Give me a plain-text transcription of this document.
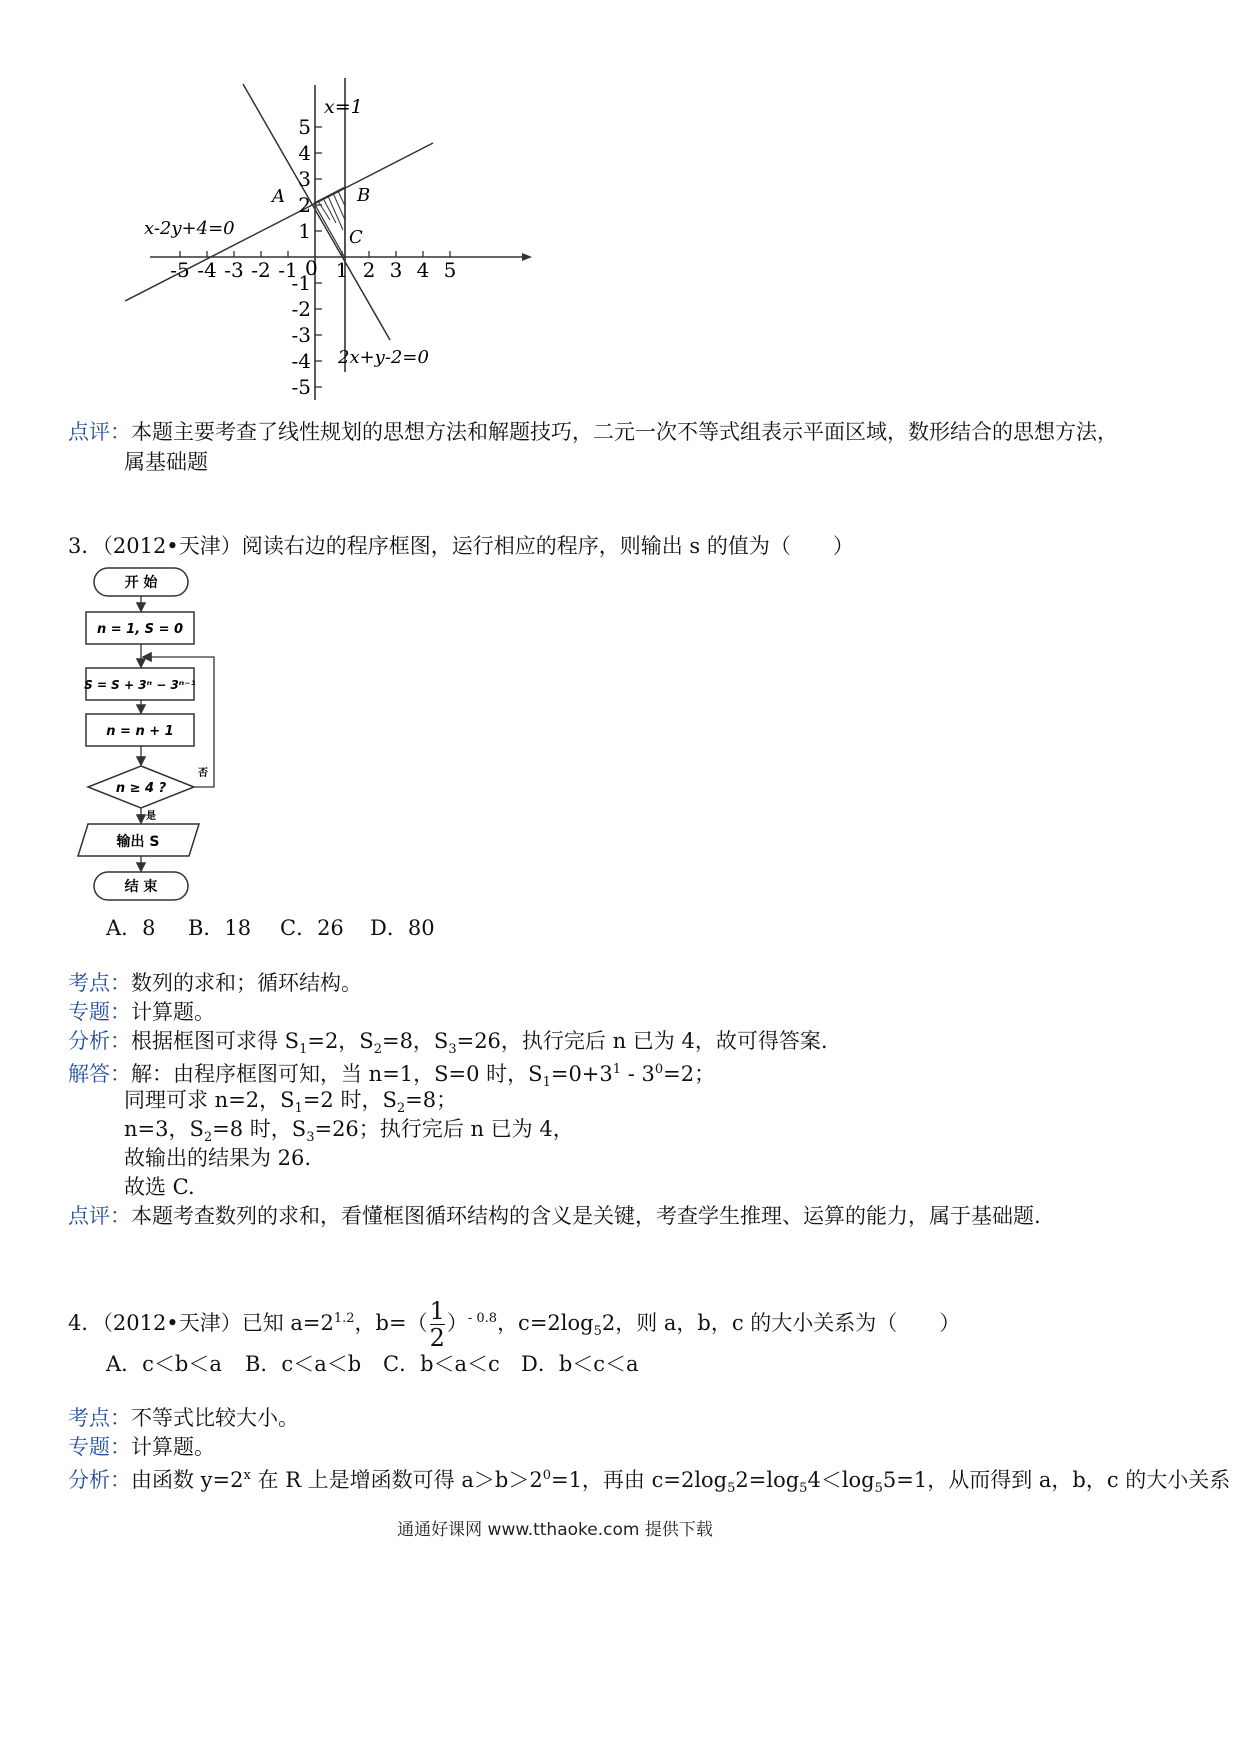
5
4
3
2
1
-1
-2
-3
-4
-5
-5 -4 -3 -2 -1 1 2 3 4 5
x=1
x-2y+4=0
2x+y-2=0
A	B
C
0
点评：本题主要考查了线性规划的思想方法和解题技巧，二元一次不等式组表示平面区域，数形结合的思想方法，
属基础题
3．（2012•天津）阅读右边的程序框图，运行相应的程序，则输出 s 的值为（　　）
开 始
n = 1, S = 0
S = S + 3ⁿ − 3ⁿ⁻¹
n = n + 1
n ≥ 4 ?
否
是
输出 S
结 束
A．8 B．18 C．26 D．80
考点：数列的求和；循环结构。
专题：计算题。
分析：根据框图可求得 $S_1=2$，$S_2=8$，$S_3=26$，执行完后 n 已为 4，故可得答案.
解答：解：由程序框图可知，当 n=1，S=0 时，$S_1=0+3^1 - 3^0=2$；
同理可求 n=2，$S_1=2$ 时，$S_2=8$；
n=3，$S_2=8$ 时，$S_3=26$；执行完后 n 已为 4，
故输出的结果为 26.
故选 C.
点评：本题考查数列的求和，看懂框图循环结构的含义是关键，考查学生推理、运算的能力，属于基础题.
4．（2012•天津）已知 $a=2^{1.2}$，$b=( \frac{1}{2} )^{- 0.8}$，$c=2\log_52$，则 a，b，c 的大小关系为（　　）
A．c＜b＜a B．c＜a＜b C．b＜a＜c D．b＜c＜a
考点：不等式比较大小。
专题：计算题。
分析：由函数 $y=2^x$ 在 R 上是增函数可得 $a>b>2^0=1$，再由 $c=2\log_52=\log_54<\log_55=1$，从而得到 a，b，c 的大小关系
通通好课网 www.tthaoke.com 提供下载
